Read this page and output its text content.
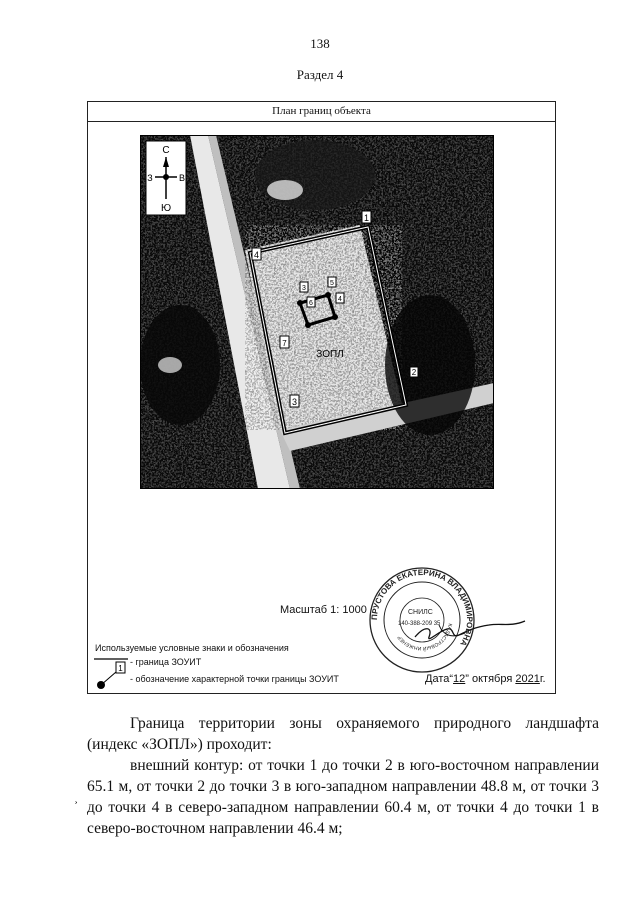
138
Раздел 4
План границ объекта
С
Ю
З	В
1
4
2
3
3
4
5
6
7
ЗОПЛ
ПРУСТОВА ЕКАТЕРИНА ВЛАДИМИРОВНА
КАДАСТРОВЫЙ ИНЖЕНЕР
СНИЛС
140-388-209 35
Масштаб 1: 1000
Используемые условные знаки и обозначения
1
- граница ЗОУИТ
- обозначение характерной точки границы ЗОУИТ	Дата“12” октября 2021г.
Граница территории зоны охраняемого природного ландшафта (индекс «ЗОПЛ») проходит:
внешний контур: от точки 1 до точки 2 в юго-восточном направлении 65.1 м, от точки 2 до точки 3 в юго-западном направлении 48.8 м, от точки 3 до точки 4 в северо-западном направлении 60.4 м, от точки 4 до точки 1 в северо-восточном направлении 46.4 м;
